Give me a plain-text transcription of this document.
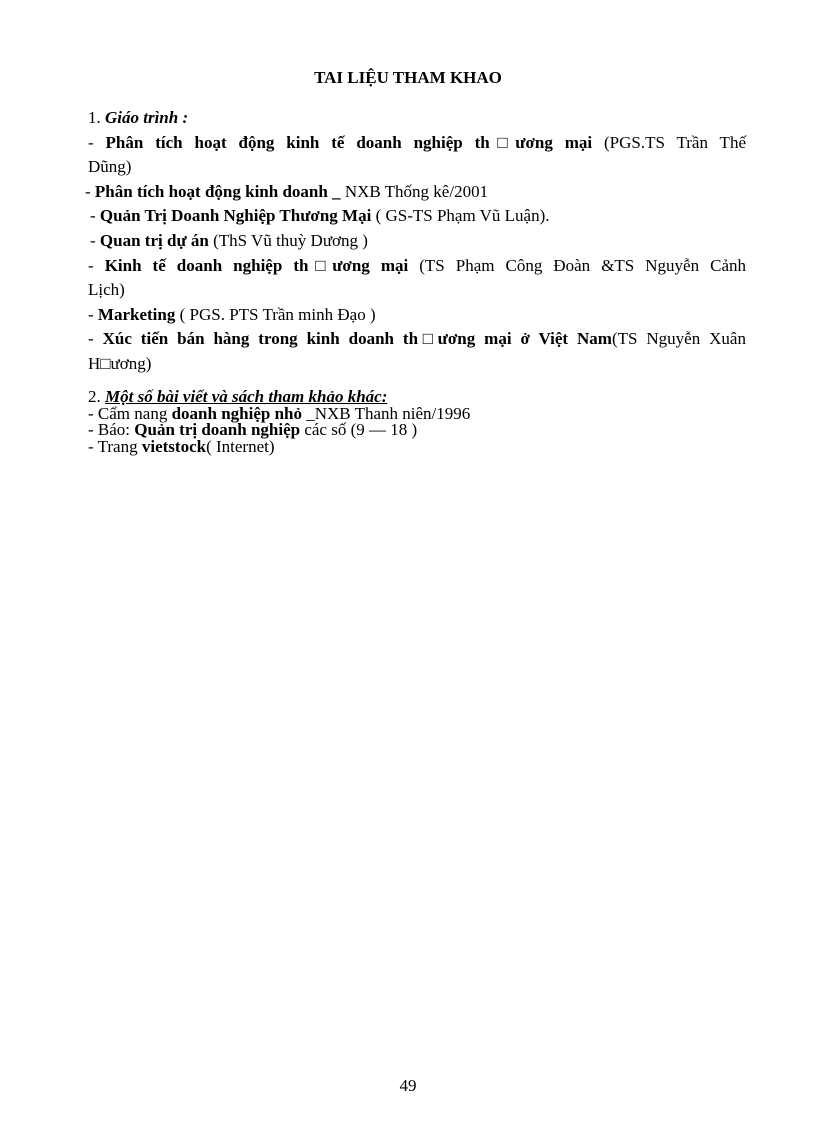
TAI LIỆU THAM KHAO

1. Giáo trình :

- Phân tích hoạt động kinh tế doanh nghiệp th□ương mại (PGS.TS Trần Thế

Dũng)

- Phân tích hoạt động kinh doanh _ NXB Thống kê/2001

- Quản Trị Doanh Nghiệp Thương Mại ( GS-TS Phạm Vũ Luận).

- Quan trị dự án (ThS Vũ thuỳ Dương )

- Kinh tế doanh nghiệp th□ương mại (TS Phạm Công Đoàn &TS Nguyễn Cảnh

Lịch)

- Marketing ( PGS. PTS Trần minh Đạo )

- Xúc tiến bán hàng trong kinh doanh th□ương mại ở Việt Nam(TS Nguyễn Xuân

H□ương)

2. Một số bài viết và sách tham khảo khác:

- Cẩm nang doanh nghiệp nhỏ _NXB Thanh niên/1996

- Báo: Quản trị doanh nghiệp các số (9 — 18 )

- Trang vietstock( Internet)

49
